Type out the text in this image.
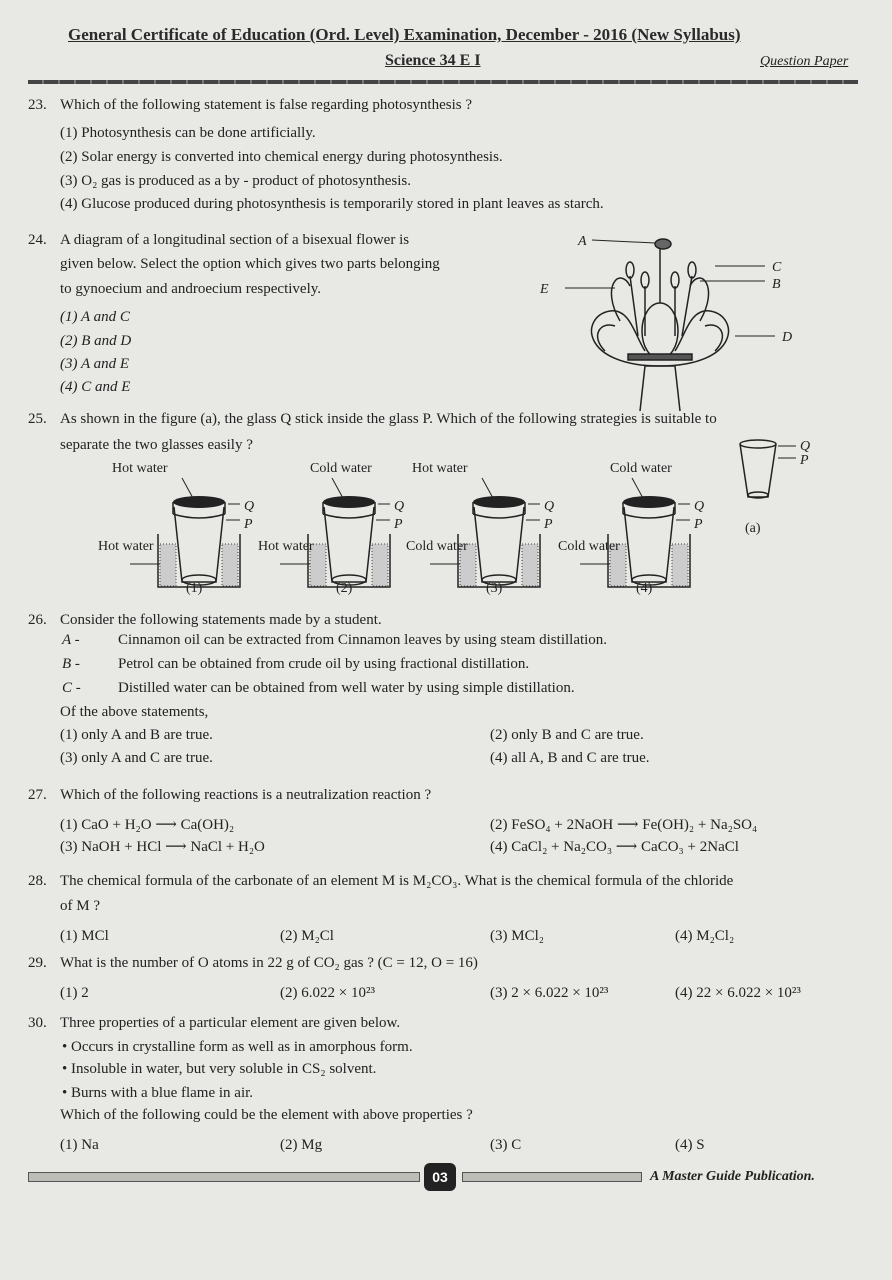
General Certificate of Education (Ord. Level) Examination, December - 2016 (New Syllabus)
Science 34 E I	Question Paper
23. Which of the following statement is false regarding photosynthesis ?
(1) Photosynthesis can be done artificially.
(2) Solar energy is converted into chemical energy during photosynthesis.
(3) O₂ gas is produced as a by - product of photosynthesis.
(4) Glucose produced during photosynthesis is temporarily stored in plant leaves as starch.
24. A diagram of a longitudinal section of a bisexual flower is
given below. Select the option which gives two parts belonging
to gynoecium and androecium respectively.
(1) A and C
(2) B and D
(3) A and E
(4) C and E
A
C
B
D
E
25. As shown in the figure (a), the glass Q stick inside the glass P. Which of the following strategies is suitable to
separate the two glasses easily ?
Hot water
Q
P
Hot water
(1)
Cold water
Q
P
Hot water
(2)
Hot water
Q
P
Cold water
(3)
Cold water
Q
P
Cold water
(4)
Q
P
(a)
26. Consider the following statements made by a student.
A -	Cinnamon oil can be extracted from Cinnamon leaves by using steam distillation.
B -	Petrol can be obtained from crude oil by using fractional distillation.
C - Distilled water can be obtained from well water by using simple distillation.
Of the above statements,
(1) only A and B are true.	(2) only B and C are true.
(3) only A and C are true.	(4) all A, B and C are true.
27. Which of the following reactions is a neutralization reaction ?
(1) CaO + H₂O ⟶ Ca(OH)₂	(2) FeSO₄ + 2NaOH ⟶ Fe(OH)₂ + Na₂SO₄
(3) NaOH + HCl ⟶ NaCl + H₂O	(4) CaCl₂ + Na₂CO₃ ⟶ CaCO₃ + 2NaCl
28. The chemical formula of the carbonate of an element M is M₂CO₃. What is the chemical formula of the chloride
of M ?
(1) MCl	(2) M₂Cl	(3) MCl₂	(4) M₂Cl₂
29. What is the number of O atoms in 22 g of CO₂ gas ? (C = 12, O = 16)
(1) 2	(2) 6.022 × 10²³	(3) 2 × 6.022 × 10²³	(4) 22 × 6.022 × 10²³
30. Three properties of a particular element are given below.
• Occurs in crystalline form as well as in amorphous form.
• Insoluble in water, but very soluble in CS₂ solvent.
• Burns with a blue flame in air.
Which of the following could be the element with above properties ?
(1) Na	(2) Mg	(3) C	(4) S
03	A Master Guide Publication.
